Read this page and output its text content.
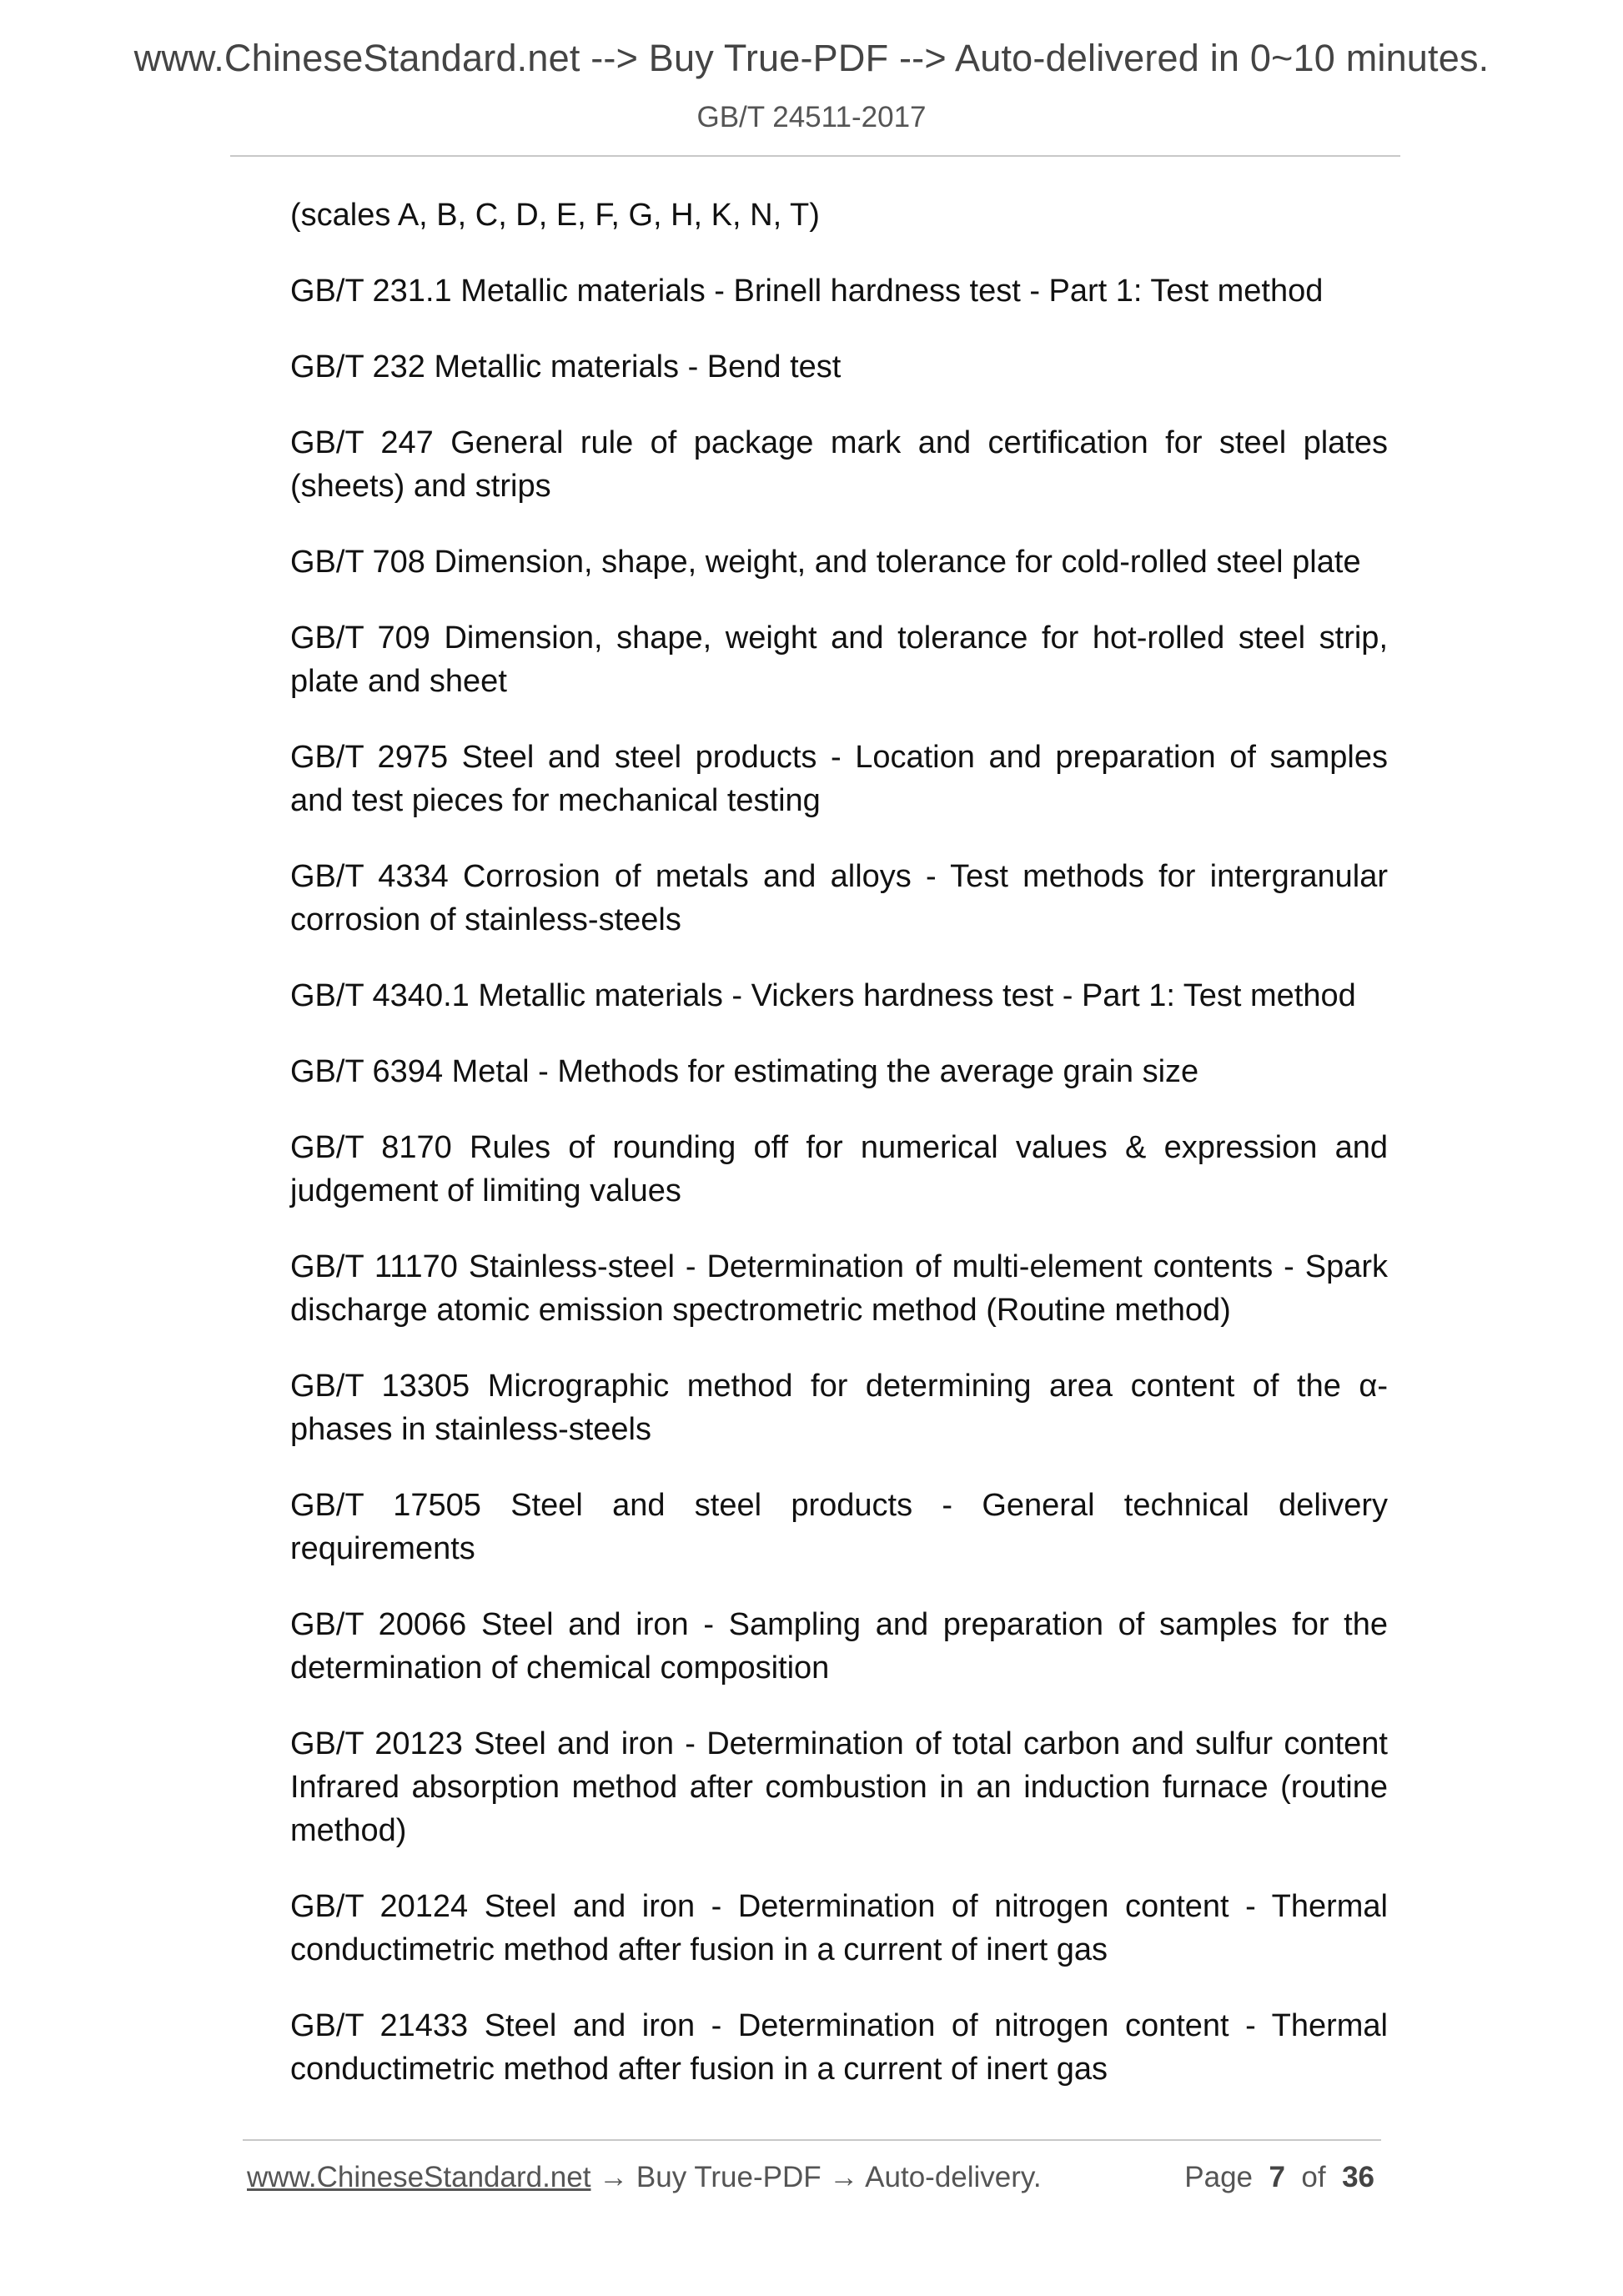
www.ChineseStandard.net --> Buy True-PDF --> Auto-delivered in 0~10 minutes.
GB/T 24511-2017

(scales A, B, C, D, E, F, G, H, K, N, T)

GB/T 231.1 Metallic materials - Brinell hardness test - Part 1: Test method

GB/T 232 Metallic materials - Bend test

GB/T 247 General rule of package mark and certification for steel plates (sheets) and strips

GB/T 708 Dimension, shape, weight, and tolerance for cold-rolled steel plate

GB/T 709 Dimension, shape, weight and tolerance for hot-rolled steel strip, plate and sheet

GB/T 2975 Steel and steel products - Location and preparation of samples and test pieces for mechanical testing

GB/T 4334 Corrosion of metals and alloys - Test methods for intergranular corrosion of stainless-steels

GB/T 4340.1 Metallic materials - Vickers hardness test - Part 1: Test method

GB/T 6394 Metal - Methods for estimating the average grain size

GB/T 8170 Rules of rounding off for numerical values & expression and judgement of limiting values

GB/T 11170 Stainless-steel - Determination of multi-element contents - Spark discharge atomic emission spectrometric method (Routine method)

GB/T 13305 Micrographic method for determining area content of the α-phases in stainless-steels

GB/T 17505 Steel and steel products - General technical delivery requirements

GB/T 20066 Steel and iron - Sampling and preparation of samples for the determination of chemical composition

GB/T 20123 Steel and iron - Determination of total carbon and sulfur content Infrared absorption method after combustion in an induction furnace (routine method)

GB/T 20124 Steel and iron - Determination of nitrogen content - Thermal conductimetric method after fusion in a current of inert gas

GB/T 21433 Steel and iron - Determination of nitrogen content - Thermal conductimetric method after fusion in a current of inert gas

www.ChineseStandard.net → Buy True-PDF → Auto-delivery.	Page 7 of 36
